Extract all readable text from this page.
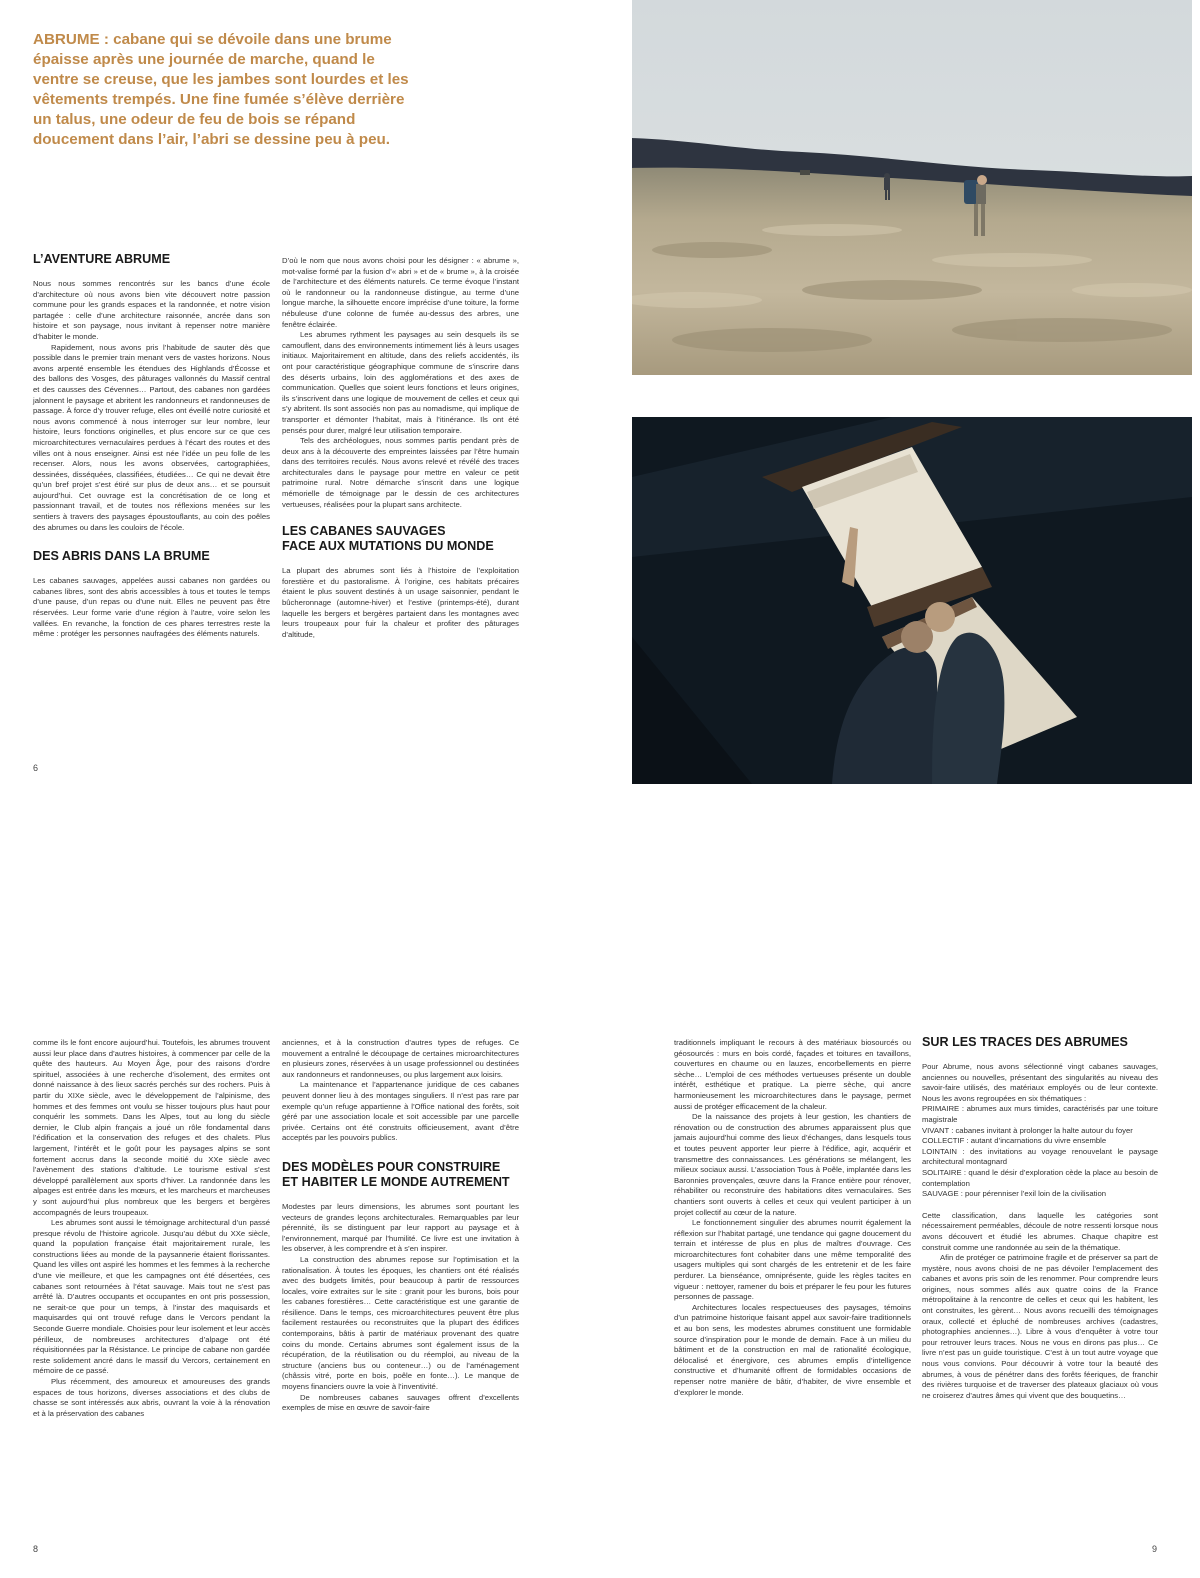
ABRUME : cabane qui se dévoile dans une brume épaisse après une journée de marche, quand le ventre se creuse, que les jambes sont lourdes et les vêtements trempés. Une fine fumée s’élève derrière un talus, une odeur de feu de bois se répand doucement dans l’air, l’abri se dessine peu à peu.
L’AVENTURE ABRUME

Nous nous sommes rencontrés sur les bancs d’une école d’architecture où nous avons bien vite découvert notre passion commune pour les grands espaces et la randonnée, et notre vision partagée : celle d’une architecture raisonnée, ancrée dans son histoire et son paysage, nous invitant à repenser notre manière d’habiter le monde.

Rapidement, nous avons pris l’habitude de sauter dès que possible dans le premier train menant vers de vastes horizons. Nous avons arpenté ensemble les étendues des Highlands d’Écosse et des ballons des Vosges, des pâturages vallonnés du Massif central et des causses des Cévennes… Partout, des cabanes non gardées jalonnent le paysage et abritent les randonneurs et randonneuses de passage. À force d’y trouver refuge, elles ont éveillé notre curiosité et nous avons commencé à nous interroger sur leur nombre, leur histoire, leurs fonctions originelles, et plus encore sur ce que ces microarchitectures vernaculaires perdues à l’écart des routes et des villes ont à nous enseigner. Ainsi est née l’idée un peu folle de les recenser. Alors, nous les avons observées, cartographiées, dessinées, disséquées, classifiées, étudiées… Ce qui ne devait être qu’un bref projet s’est étiré sur plus de deux ans… et se poursuit aujourd’hui. Cet ouvrage est la concrétisation de ce long et passionnant travail, et de toutes nos réflexions menées sur les sentiers à travers des paysages époustouflants, au coin des poêles des abrumes ou dans les couloirs de l’école.

DES ABRIS DANS LA BRUME

Les cabanes sauvages, appelées aussi cabanes non gardées ou cabanes libres, sont des abris accessibles à tous et toutes le temps d’une pause, d’un repas ou d’une nuit. Elles ne peuvent pas être réservées. Leur forme varie d’une région à l’autre, voire selon les vallées. En revanche, la fonction de ces phares terrestres reste la même : protéger les personnes naufragées des éléments naturels.

D’où le nom que nous avons choisi pour les désigner : « abrume », mot-valise formé par la fusion d’« abri » et de « brume », à la croisée de l’architecture et des éléments naturels. Ce terme évoque l’instant où le randonneur ou la randonneuse distingue, au terme d’une longue marche, la silhouette encore imprécise d’une toiture, la forme nébuleuse d’une colonne de fumée au-dessus des arbres, une fenêtre éclairée.

Les abrumes rythment les paysages au sein desquels ils se camouflent, dans des environnements intimement liés à leurs usages initiaux. Majoritairement en altitude, dans des reliefs accidentés, ils ont pour caractéristique géographique commune de s’inscrire dans des déserts urbains, loin des agglomérations et des axes de communication. Quelles que soient leurs fonctions et leurs origines, ils s’inscrivent dans une logique de mouvement de celles et ceux qui s’y abritent. Ils sont associés non pas au nomadisme, qui implique de transporter et démonter l’habitat, mais à l’itinérance. Ils ont été pensés pour durer, malgré leur utilisation temporaire.

Tels des archéologues, nous sommes partis pendant près de deux ans à la découverte des empreintes laissées par l’être humain dans des territoires reculés. Nous avons relevé et révélé des traces architecturales dans le paysage pour mettre en valeur ce petit patrimoine rural. Notre démarche s’inscrit dans une logique mémorielle de témoignage par le dessin de ces architectures vertueuses, réalisées pour la plupart sans architecte.

LES CABANES SAUVAGES
FACE AUX MUTATIONS DU MONDE

La plupart des abrumes sont liés à l’histoire de l’exploitation forestière et du pastoralisme. À l’origine, ces habitats précaires étaient le plus souvent destinés à un usage saisonnier, pendant le bûcheronnage (automne-hiver) et l’estive (printemps-été), durant laquelle les bergers et bergères partaient dans les montagnes avec leurs troupeaux pour fuir la chaleur et profiter des pâturages d’altitude,

6

comme ils le font encore aujourd’hui. Toutefois, les abrumes trouvent aussi leur place dans d’autres histoires, à commencer par celle de la quête des hauteurs. Au Moyen Âge, pour des raisons d’ordre spirituel, associées à une recherche d’isolement, des ermites ont donné naissance à des lieux sacrés perchés sur des rochers. Puis à partir du XIXe siècle, avec le développement de l’alpinisme, des hommes et des femmes ont voulu se hisser toujours plus haut pour conquérir les sommets. Dans les Alpes, tout au long du siècle dernier, le Club alpin français a joué un rôle fondamental dans l’édification et la conservation des refuges et des chalets. Plus largement, l’intérêt et le goût pour les paysages alpins se sont fortement accrus dans la seconde moitié du XXe siècle avec l’avènement des stations d’altitude. Le tourisme estival s’est développé parallèlement aux sports d’hiver. La randonnée dans les alpages est entrée dans les mœurs, et les marcheurs et marcheuses y sont aujourd’hui plus nombreux que les bergers et bergères accompagnés de leurs troupeaux.

Les abrumes sont aussi le témoignage architectural d’un passé presque révolu de l’histoire agricole. Jusqu’au début du XXe siècle, quand la population française était majoritairement rurale, les constructions liées au monde de la paysannerie étaient florissantes. Quand les villes ont aspiré les hommes et les femmes à la recherche d’une vie meilleure, et que les campagnes ont été désertées, ces cabanes sont retournées à l’état sauvage. Mais tout ne s’est pas arrêté là. D’autres occupants et occupantes en ont pris possession, ne serait-ce que pour un temps, à l’instar des maquisards et maquisardes qui ont trouvé refuge dans le Vercors pendant la Seconde Guerre mondiale. Choisies pour leur isolement et leur accès périlleux, de nombreuses architectures d’alpage ont été réquisitionnées par la Résistance. Le principe de cabane non gardée reste solidement ancré dans le massif du Vercors, certainement en mémoire de ce passé.

Plus récemment, des amoureux et amoureuses des grands espaces de tous horizons, diverses associations et des clubs de chasse se sont intéressés aux abris, ouvrant la voie à la rénovation et à la préservation des cabanes

anciennes, et à la construction d’autres types de refuges. Ce mouvement a entraîné le découpage de certaines microarchitectures en plusieurs zones, réservées à un usage professionnel ou destinées aux randonneurs et randonneuses, ou plus largement aux loisirs.

La maintenance et l’appartenance juridique de ces cabanes peuvent donner lieu à des montages singuliers. Il n’est pas rare par exemple qu’un refuge appartienne à l’Office national des forêts, soit géré par une association locale et soit accessible par une parcelle privée. Certains ont été construits officieusement, avant d’être acceptés par les pouvoirs publics.

DES MODÈLES POUR CONSTRUIRE
ET HABITER LE MONDE AUTREMENT

Modestes par leurs dimensions, les abrumes sont pourtant les vecteurs de grandes leçons architecturales. Remarquables par leur pérennité, ils se distinguent par leur rapport au paysage et à l’environnement, marqué par l’humilité. Ce livre est une invitation à les observer, à les comprendre et à s’en inspirer.

La construction des abrumes repose sur l’optimisation et la rationalisation. À toutes les époques, les chantiers ont été réalisés avec des budgets limités, pour beaucoup à partir de ressources locales, voire extraites sur le site : granit pour les burons, bois pour les cabanes forestières… Cette caractéristique est une garantie de résilience. Dans le temps, ces microarchitectures peuvent être plus facilement restaurées ou reconstruites que la plupart des édifices contemporains, bâtis à partir de matériaux provenant des quatre coins du monde. Certains abrumes sont également issus de la récupération, de la réutilisation ou du réemploi, au niveau de la structure (anciens bus ou conteneur…) ou de l’aménagement (châssis vitré, porte en bois, poêle en fonte…). Le manque de moyens financiers ouvre la voie à l’inventivité.

De nombreuses cabanes sauvages offrent d’excellents exemples de mise en œuvre de savoir-faire

8

traditionnels impliquant le recours à des matériaux biosourcés ou géosourcés : murs en bois cordé, façades et toitures en tavaillons, couvertures en chaume ou en lauzes, encorbellements en pierre sèche… L’emploi de ces méthodes vertueuses présente un double intérêt, esthétique et pratique. La pierre sèche, qui ancre harmonieusement les microarchitectures dans le paysage, permet aussi de protéger efficacement de la chaleur.

De la naissance des projets à leur gestion, les chantiers de rénovation ou de construction des abrumes apparaissent plus que jamais aujourd’hui comme des lieux d’échanges, dans lesquels tous et toutes peuvent apporter leur pierre à l’édifice, agir, acquérir et transmettre des connaissances. Les générations se mélangent, les milieux sociaux aussi. L’association Tous à Poêle, implantée dans les Baronnies provençales, œuvre dans la France entière pour rénover, réhabiliter ou reconstruire des habitations dites vernaculaires. Ses chantiers sont ouverts à celles et ceux qui veulent participer à un projet collectif au cœur de la nature.

Le fonctionnement singulier des abrumes nourrit également la réflexion sur l’habitat partagé, une tendance qui gagne doucement du terrain et intéresse de plus en plus de maîtres d’ouvrage. Ces microarchitectures font cohabiter dans une même temporalité des usagers multiples qui sont chargés de les entretenir et de les faire perdurer. La bienséance, omniprésente, guide les règles tacites en vigueur : nettoyer, ramener du bois et préparer le feu pour les futures personnes de passage.

Architectures locales respectueuses des paysages, témoins d’un patrimoine historique faisant appel aux savoir-faire traditionnels et au bon sens, les modestes abrumes constituent une formidable source d’inspiration pour le monde de demain. Face à un milieu du bâtiment et de la construction en mal de rationalité écologique, délocalisé et énergivore, ces abrumes emplis d’intelligence constructive et d’humanité offrent de formidables occasions de repenser notre manière de bâtir, d’habiter, de vivre ensemble et d’explorer le monde.

SUR LES TRACES DES ABRUMES

Pour Abrume, nous avons sélectionné vingt cabanes sauvages, anciennes ou nouvelles, présentant des singularités au niveau des savoir-faire utilisés, des matériaux employés ou de leur contexte. Nous les avons regroupées en six thématiques :

PRIMAIRE : abrumes aux murs timides, caractérisés par une toiture magistrale

VIVANT : cabanes invitant à prolonger la halte autour du foyer

COLLECTIF : autant d’incarnations du vivre ensemble

LOINTAIN : des invitations au voyage renouvelant le paysage architectural montagnard

SOLITAIRE : quand le désir d’exploration cède la place au besoin de contemplation

SAUVAGE : pour pérenniser l’exil loin de la civilisation

Cette classification, dans laquelle les catégories sont nécessairement perméables, découle de notre ressenti lorsque nous avons découvert et étudié les abrumes. Chaque chapitre est construit comme une randonnée au sein de la thématique.

Afin de protéger ce patrimoine fragile et de préserver sa part de mystère, nous avons choisi de ne pas dévoiler l’emplacement des cabanes et avons pris soin de les renommer. Pour comprendre leurs origines, nous sommes allés aux quatre coins de la France métropolitaine à la rencontre de celles et ceux qui les habitent, les ont construites, les gèrent… Nous avons recueilli des témoignages oraux, collecté et épluché de nombreuses archives (cadastres, photographies anciennes…). Libre à vous d’enquêter à votre tour pour retrouver leurs traces. Nous ne vous en dirons pas plus… Ce livre n’est pas un guide touristique. C’est à un tout autre voyage que nous vous convions. Pour découvrir à votre tour la beauté des abrumes, à vous de pénétrer dans des forêts féeriques, de franchir des rivières turquoise et de traverser des plateaux glaciaux où vous ne croiserez d’autres âmes qui vivent que des bouquetins…

9
